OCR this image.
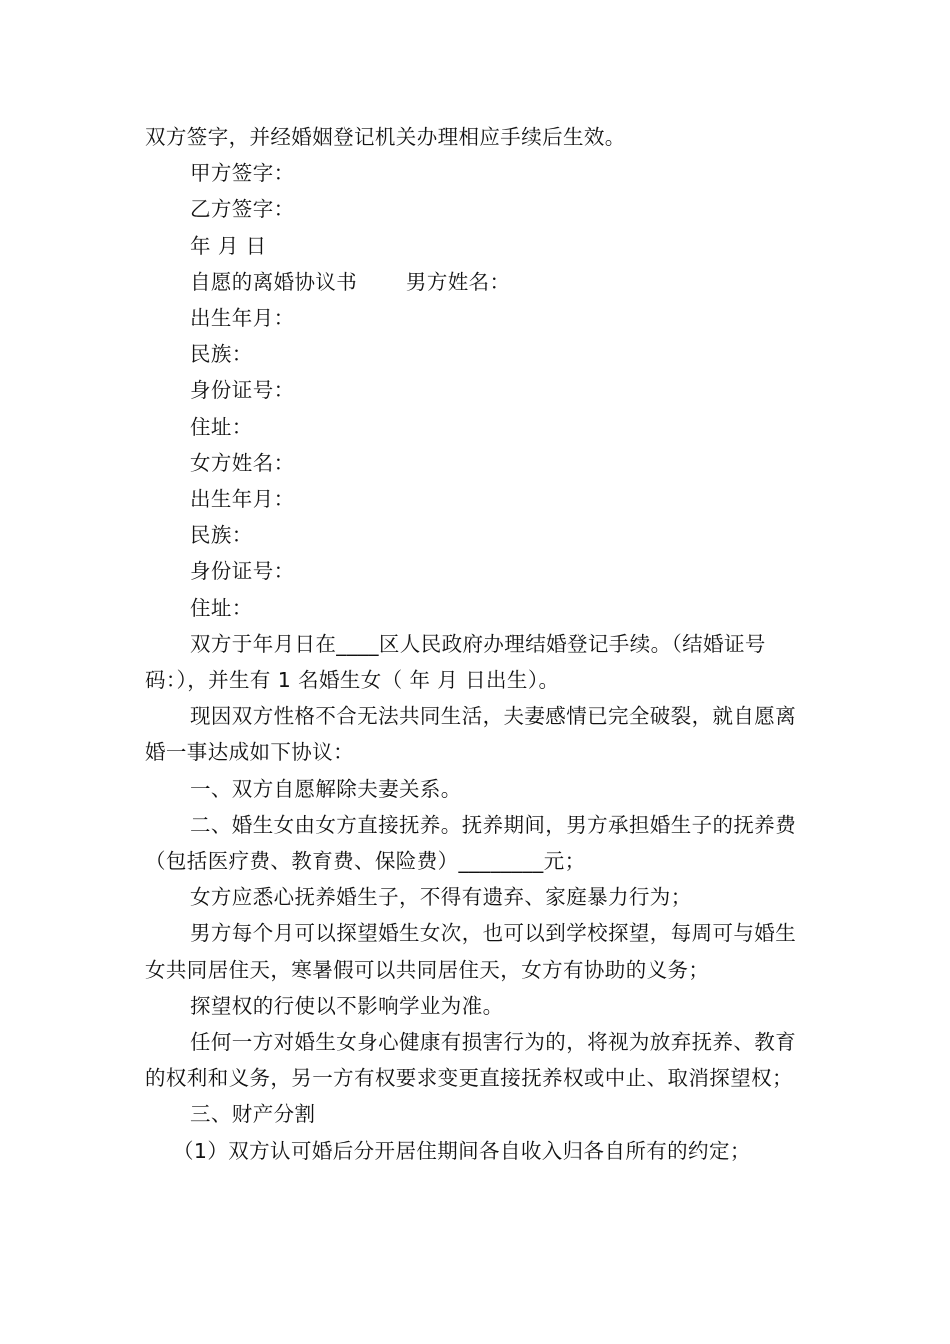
双方签字，并经婚姻登记机关办理相应手续后生效。

甲方签字：

乙方签字：

年 月 日

自愿的离婚协议书　　 男方姓名：

出生年月：

民族：

身份证号：

住址：

女方姓名：

出生年月：

民族：

身份证号：

住址：

双方于年月日在____区人民政府办理结婚登记手续。（结婚证号码：），并生有 1 名婚生女（ 年 月 日出生）。

现因双方性格不合无法共同生活，夫妻感情已完全破裂，就自愿离婚一事达成如下协议：

一、双方自愿解除夫妻关系。

二、婚生女由女方直接抚养。抚养期间，男方承担婚生子的抚养费（包括医疗费、教育费、保险费）________元；

女方应悉心抚养婚生子，不得有遗弃、家庭暴力行为；

男方每个月可以探望婚生女次，也可以到学校探望，每周可与婚生女共同居住天，寒暑假可以共同居住天，女方有协助的义务；

探望权的行使以不影响学业为准。

任何一方对婚生女身心健康有损害行为的，将视为放弃抚养、教育的权利和义务，另一方有权要求变更直接抚养权或中止、取消探望权；

三、财产分割

（1）双方认可婚后分开居住期间各自收入归各自所有的约定；
